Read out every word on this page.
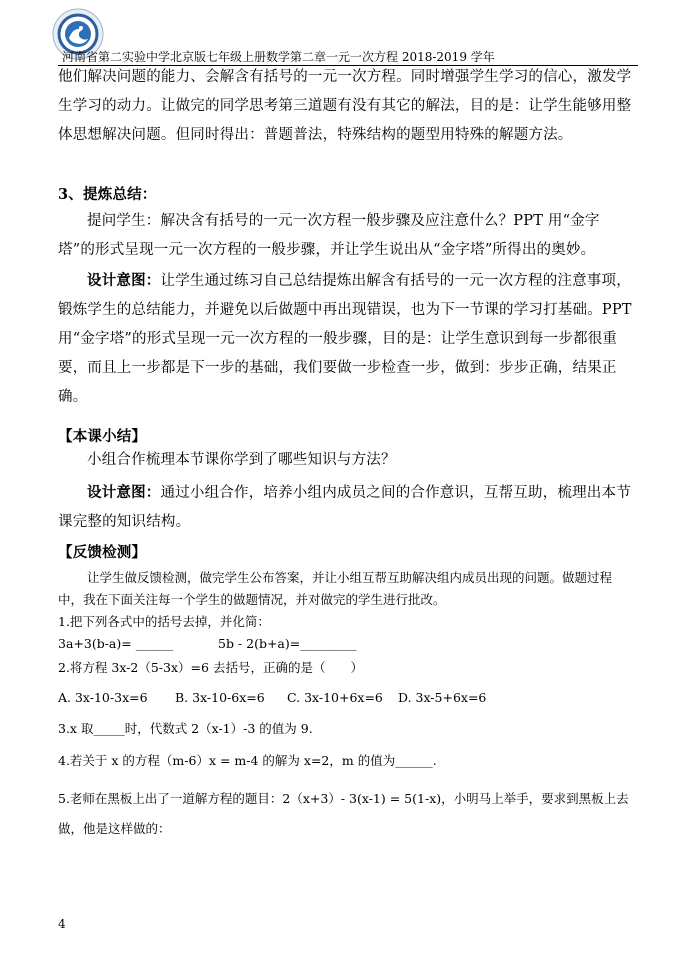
河南省第二实验中学北京版七年级上册数学第二章一元一次方程 2018-2019 学年

他们解决问题的能力、会解含有括号的一元一次方程。同时增强学生学习的信心，激发学生学习的动力。让做完的同学思考第三道题有没有其它的解法，目的是：让学生能够用整体思想解决问题。但同时得出：普题普法，特殊结构的题型用特殊的解题方法。

3、提炼总结：

提问学生：解决含有括号的一元一次方程一般步骤及应注意什么？PPT 用“金字塔”的形式呈现一元一次方程的一般步骤，并让学生说出从“金字塔”所得出的奥妙。

设计意图：让学生通过练习自己总结提炼出解含有括号的一元一次方程的注意事项，锻炼学生的总结能力，并避免以后做题中再出现错误，也为下一节课的学习打基础。PPT 用“金字塔”的形式呈现一元一次方程的一般步骤，目的是：让学生意识到每一步都很重要，而且上一步都是下一步的基础，我们要做一步检查一步，做到：步步正确，结果正确。

【本课小结】

小组合作梳理本节课你学到了哪些知识与方法？

设计意图：通过小组合作，培养小组内成员之间的合作意识，互帮互助，梳理出本节课完整的知识结构。

【反馈检测】

让学生做反馈检测，做完学生公布答案，并让小组互帮互助解决组内成员出现的问题。做题过程中，我在下面关注每一个学生的做题情况，并对做完的学生进行批改。

1.把下列各式中的括号去掉，并化简：

3a+3(b-a)= ______	5b - 2(b+a)=_________

2.将方程 3x-2（5-3x）=6 去括号，正确的是（　　）

A. 3x-10-3x=6	B. 3x-10-6x=6	C. 3x-10+6x=6	D. 3x-5+6x=6

3.x 取_____时，代数式 2（x-1）-3 的值为 9.

4.若关于 x 的方程（m-6）x = m-4 的解为 x=2，m 的值为______.

5.老师在黑板上出了一道解方程的题目：2（x+3）- 3(x-1) = 5(1-x)，小明马上举手，要求到黑板上去做，他是这样做的：

4
